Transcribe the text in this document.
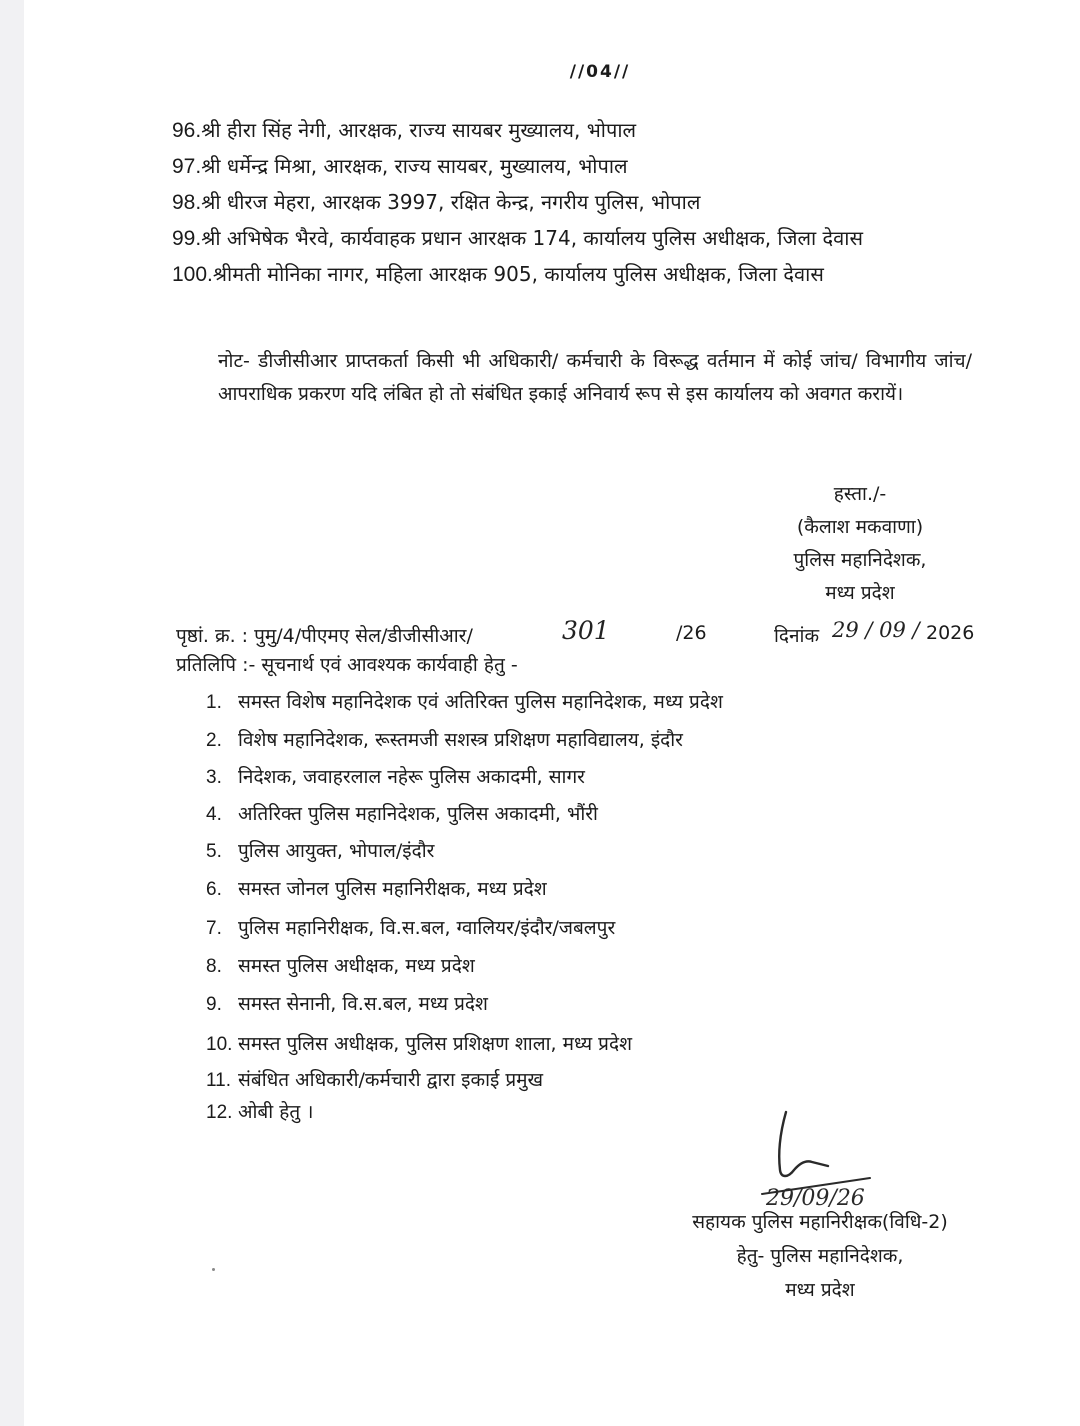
//04//
96.श्री हीरा सिंह नेगी, आरक्षक, राज्य सायबर मुख्यालय, भोपाल
97.श्री धर्मेन्द्र मिश्रा, आरक्षक, राज्य सायबर, मुख्यालय, भोपाल
98.श्री धीरज मेहरा, आरक्षक 3997, रक्षित केन्द्र, नगरीय पुलिस, भोपाल
99.श्री अभिषेक भैरवे, कार्यवाहक प्रधान आरक्षक 174, कार्यालय पुलिस अधीक्षक, जिला देवास
100.श्रीमती मोनिका नागर, महिला आरक्षक 905, कार्यालय पुलिस अधीक्षक, जिला देवास
नोट- डीजीसीआर प्राप्तकर्ता किसी भी अधिकारी/ कर्मचारी के विरूद्ध वर्तमान में कोई जांच/ विभागीय जांच/ आपराधिक प्रकरण यदि लंबित हो तो संबंधित इकाई अनिवार्य रूप से इस कार्यालय को अवगत करायें।
हस्ता./-
(कैलाश मकवाणा)
पुलिस महानिदेशक,
मध्य प्रदेश
पृष्ठां. क्र. : पुमु/4/पीएमए सेल/डीजीसीआर/	301	/26	दिनांक 29 / 09 / 2026
प्रतिलिपि :- सूचनार्थ एवं आवश्यक कार्यवाही हेतु -
1. समस्त विशेष महानिदेशक एवं अतिरिक्त पुलिस महानिदेशक, मध्य प्रदेश
2. विशेष महानिदेशक, रूस्तमजी सशस्त्र प्रशिक्षण महाविद्यालय, इंदौर
3. निदेशक, जवाहरलाल नहेरू पुलिस अकादमी, सागर
4. अतिरिक्त पुलिस महानिदेशक, पुलिस अकादमी, भौंरी
5. पुलिस आयुक्त, भोपाल/इंदौर
6. समस्त जोनल पुलिस महानिरीक्षक, मध्य प्रदेश
7. पुलिस महानिरीक्षक, वि.स.बल, ग्वालियर/इंदौर/जबलपुर
8. समस्त पुलिस अधीक्षक, मध्य प्रदेश
9. समस्त सेनानी, वि.स.बल, मध्य प्रदेश
10. समस्त पुलिस अधीक्षक, पुलिस प्रशिक्षण शाला, मध्य प्रदेश
11. संबंधित अधिकारी/कर्मचारी द्वारा इकाई प्रमुख
12. ओबी हेतु ।
29/09/26
सहायक पुलिस महानिरीक्षक(विधि-2)
हेतु- पुलिस महानिदेशक,
मध्य प्रदेश
